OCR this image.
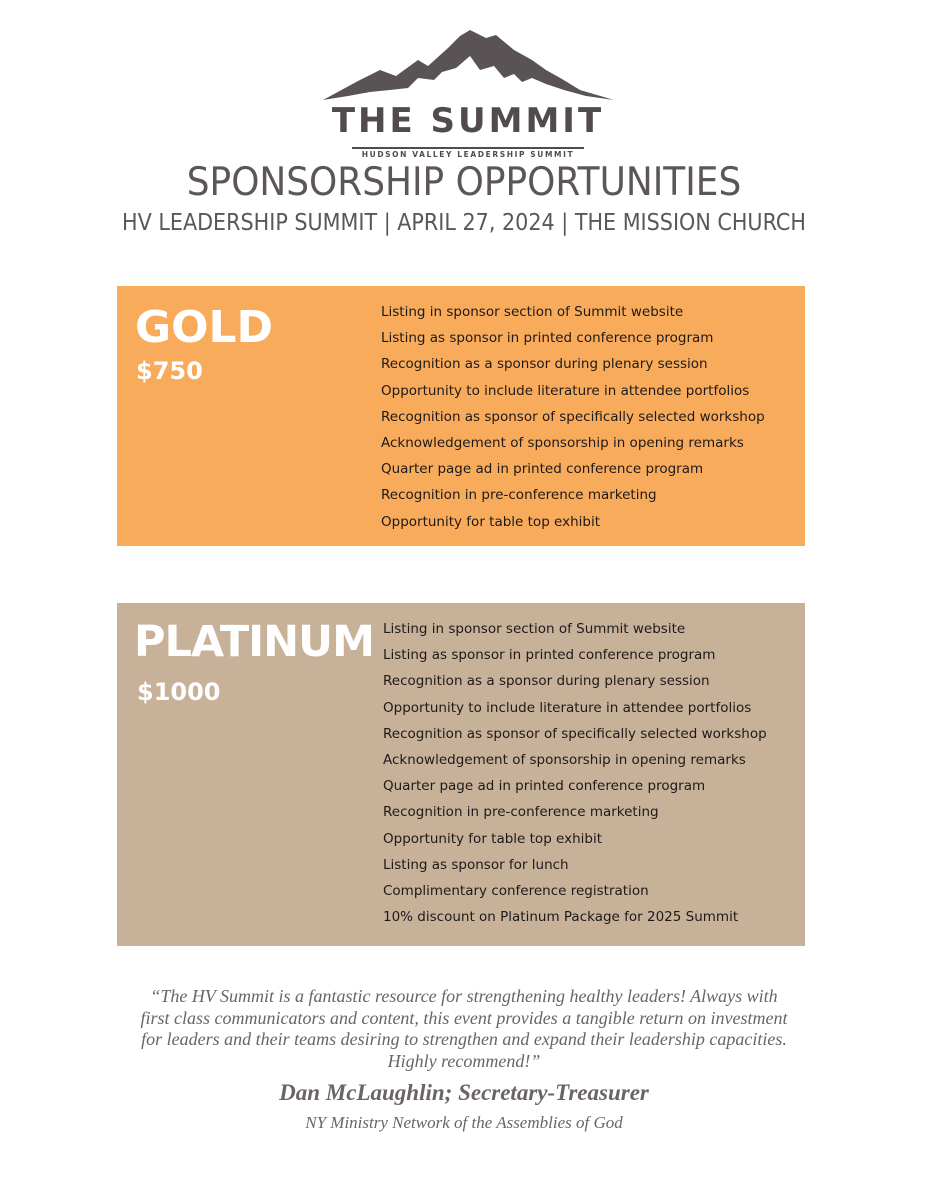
THE SUMMIT
HUDSON VALLEY LEADERSHIP SUMMIT
SPONSORSHIP OPPORTUNITIES
HV LEADERSHIP SUMMIT | APRIL 27, 2024 | THE MISSION CHURCH
GOLD
$750
Listing in sponsor section of Summit website
Listing as sponsor in printed conference program
Recognition as a sponsor during plenary session
Opportunity to include literature in attendee portfolios
Recognition as sponsor of specifically selected workshop
Acknowledgement of sponsorship in opening remarks
Quarter page ad in printed conference program
Recognition in pre-conference marketing
Opportunity for table top exhibit
PLATINUM
$1000
Listing in sponsor section of Summit website
Listing as sponsor in printed conference program
Recognition as a sponsor during plenary session
Opportunity to include literature in attendee portfolios
Recognition as sponsor of specifically selected workshop
Acknowledgement of sponsorship in opening remarks
Quarter page ad in printed conference program
Recognition in pre-conference marketing
Opportunity for table top exhibit
Listing as sponsor for lunch
Complimentary conference registration
10% discount on Platinum Package for 2025 Summit
“The HV Summit is a fantastic resource for strengthening healthy leaders! Always with first class communicators and content, this event provides a tangible return on investment for leaders and their teams desiring to strengthen and expand their leadership capacities. Highly recommend!”
Dan McLaughlin; Secretary-Treasurer
NY Ministry Network of the Assemblies of God
